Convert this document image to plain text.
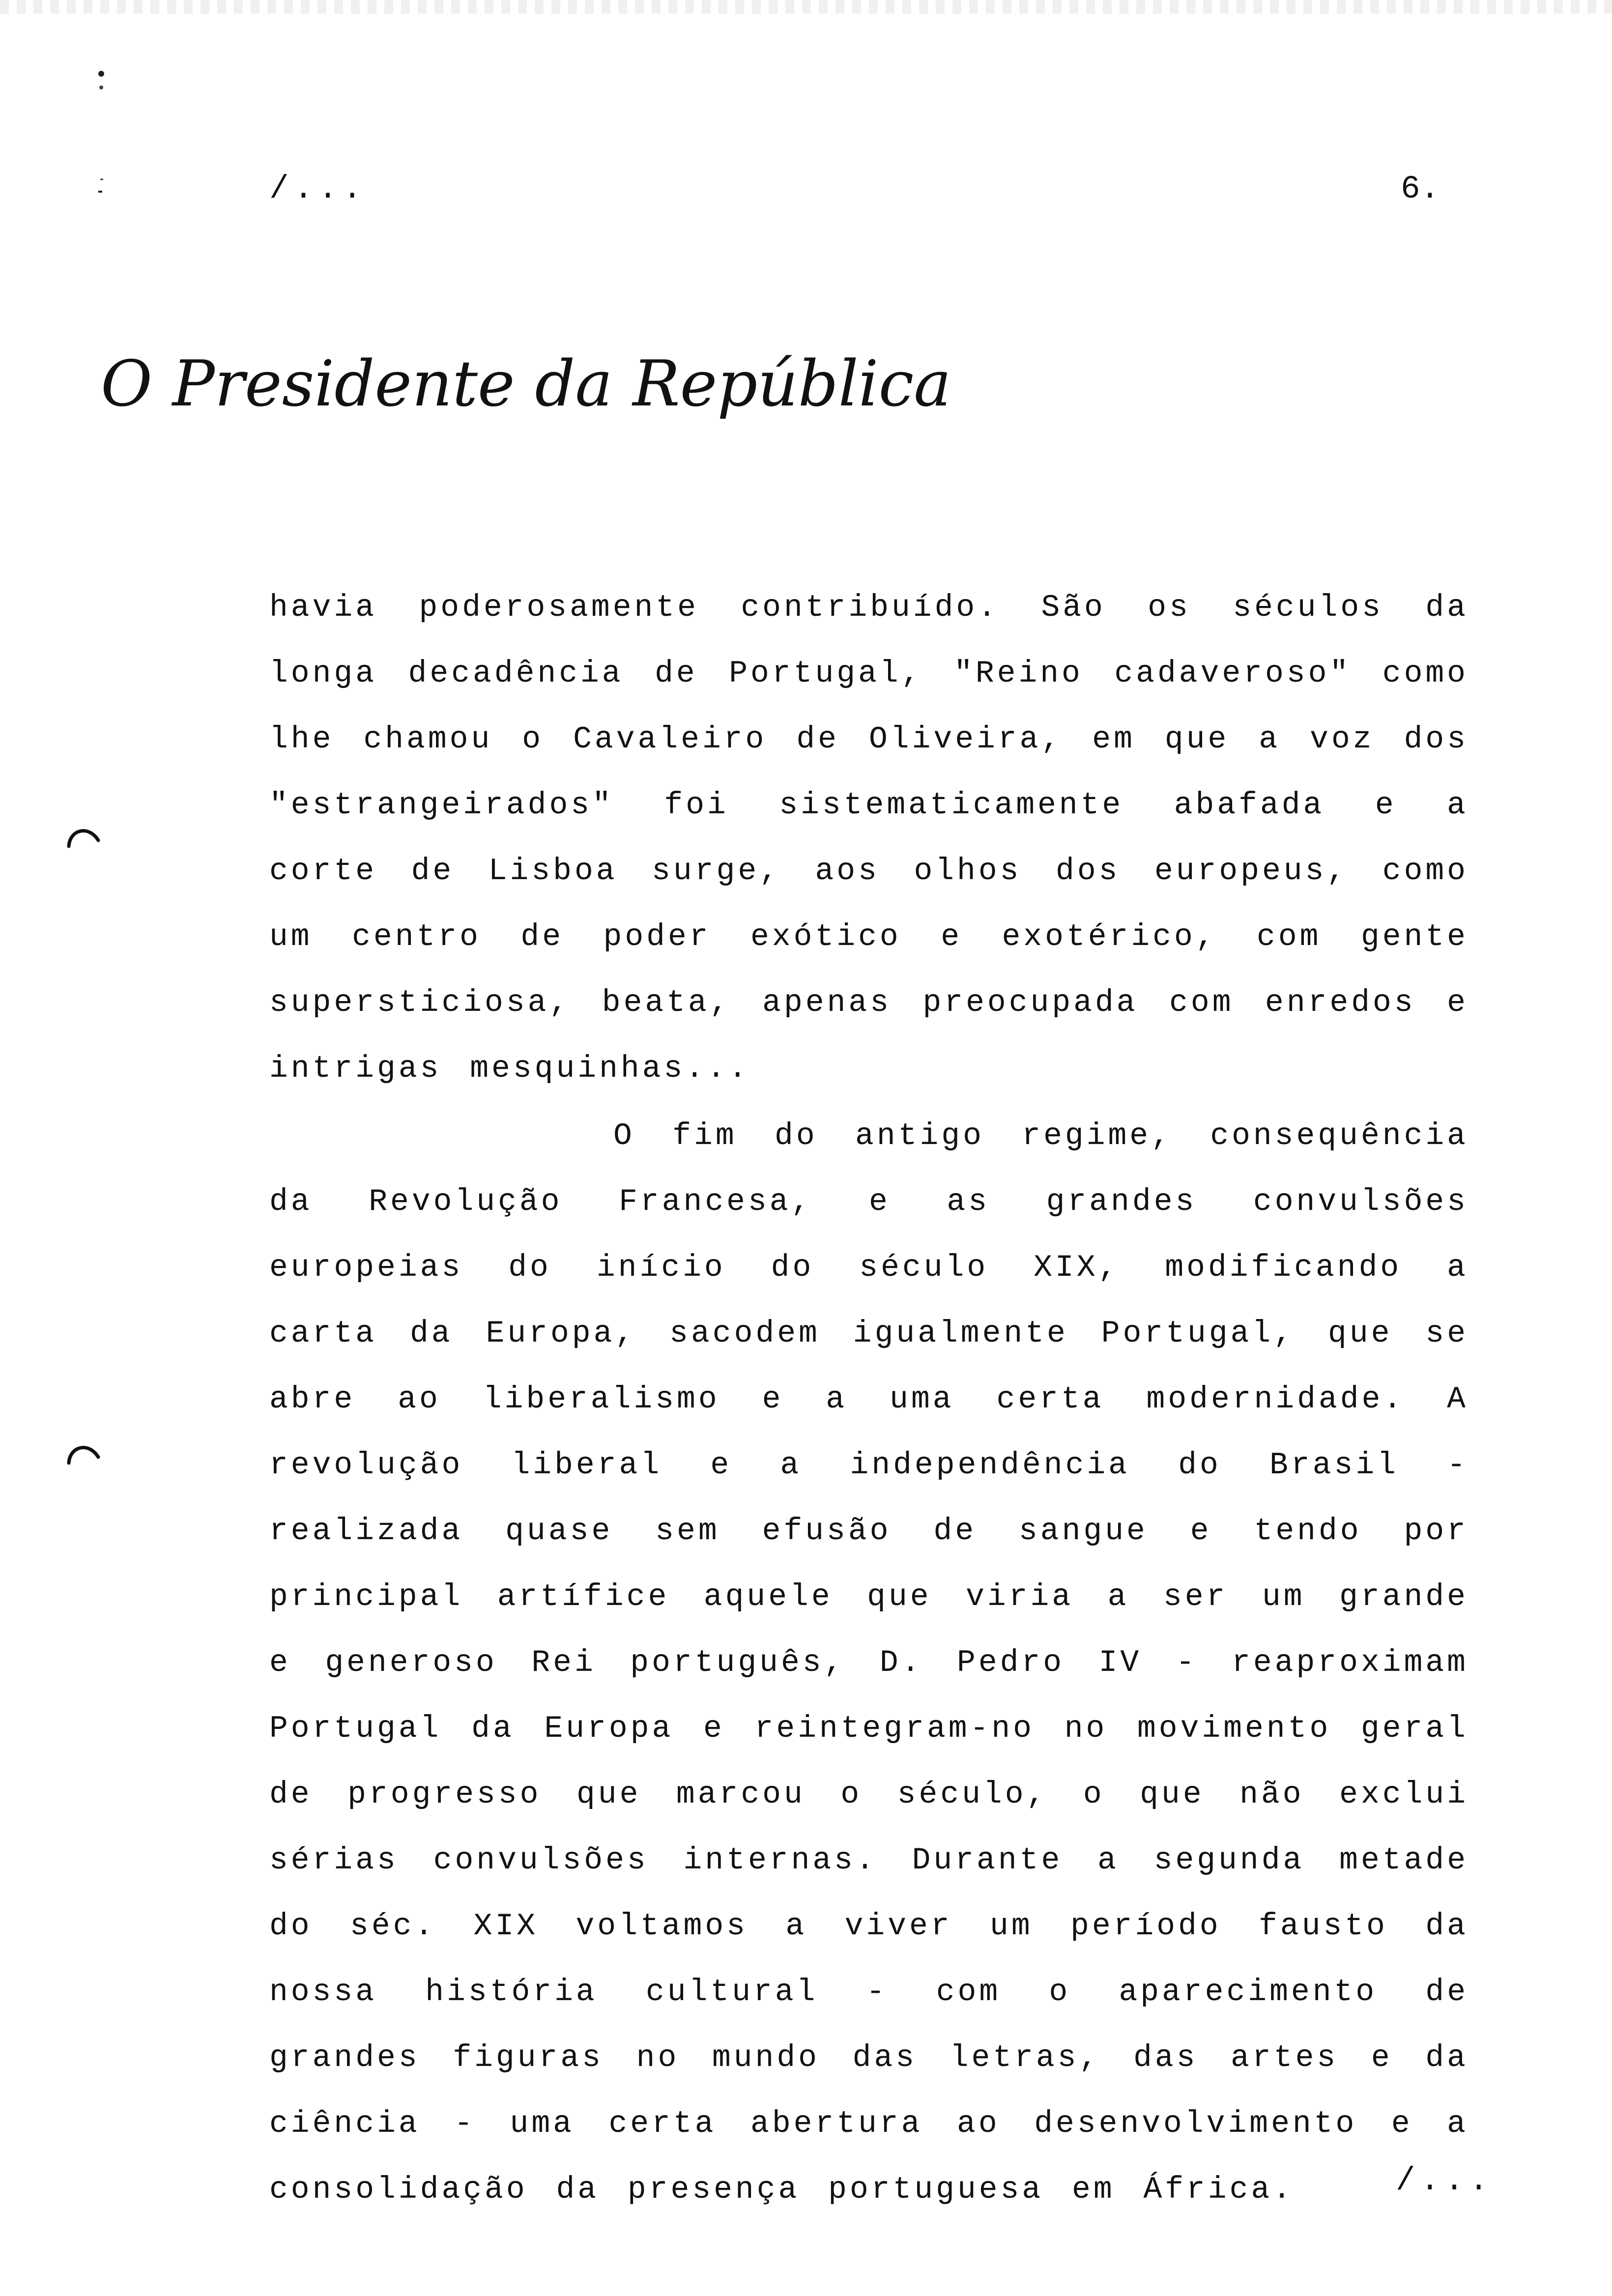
/...	6.
O Presidente da República

havia poderosamente contribuído. São os séculos da longa decadência de Portugal, "Reino cadaveroso" como lhe chamou o Cavaleiro de Oliveira, em que a voz dos "estrangeirados" foi sistematicamente abafada e a corte de Lisboa surge, aos olhos dos europeus, como um centro de poder exótico e exotérico, com gente supersticiosa, beata, apenas preocupada com enredos e intrigas mesquinhas...

O fim do antigo regime, consequência da Revolução Francesa, e as grandes convulsões europeias do início do século XIX, modificando a carta da Europa, sacodem igualmente Portugal, que se abre ao liberalismo e a uma certa modernidade. A revolução liberal e a independência do Brasil - realizada quase sem efusão de sangue e tendo por principal artífice aquele que viria a ser um grande e generoso Rei português, D. Pedro IV - reaproximam Portugal da Europa e reintegram-no no movimento geral de progresso que marcou o século, o que não exclui sérias convulsões internas. Durante a segunda metade do séc. XIX voltamos a viver um período fausto da nossa história cultural - com o aparecimento de grandes figuras no mundo das letras, das artes e da ciência - uma certa abertura ao desenvolvimento e a consolidação da presença portuguesa em África.	/...
